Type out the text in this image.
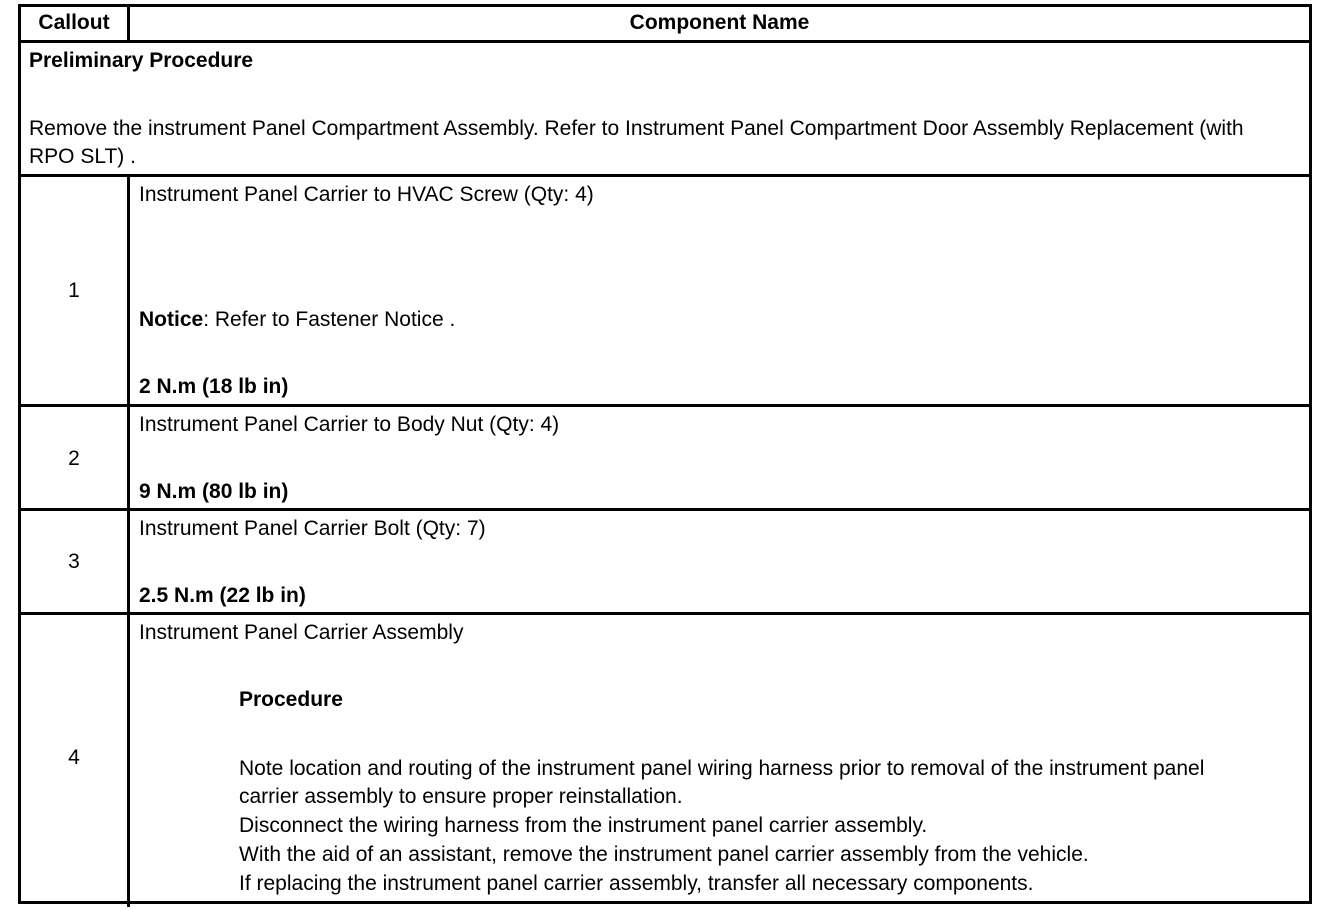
Callout	Component Name
Preliminary Procedure
Remove the instrument Panel Compartment Assembly. Refer to Instrument Panel Compartment Door Assembly Replacement (with RPO SLT) .
1
Instrument Panel Carrier to HVAC Screw (Qty: 4)
Notice: Refer to Fastener Notice .
2 N.m (18 lb in)
2
Instrument Panel Carrier to Body Nut (Qty: 4)
9 N.m (80 lb in)
3
Instrument Panel Carrier Bolt (Qty: 7)
2.5 N.m (22 lb in)
4
Instrument Panel Carrier Assembly
Procedure
Note location and routing of the instrument panel wiring harness prior to removal of the instrument panel carrier assembly to ensure proper reinstallation.
Disconnect the wiring harness from the instrument panel carrier assembly.
With the aid of an assistant, remove the instrument panel carrier assembly from the vehicle.
If replacing the instrument panel carrier assembly, transfer all necessary components.
